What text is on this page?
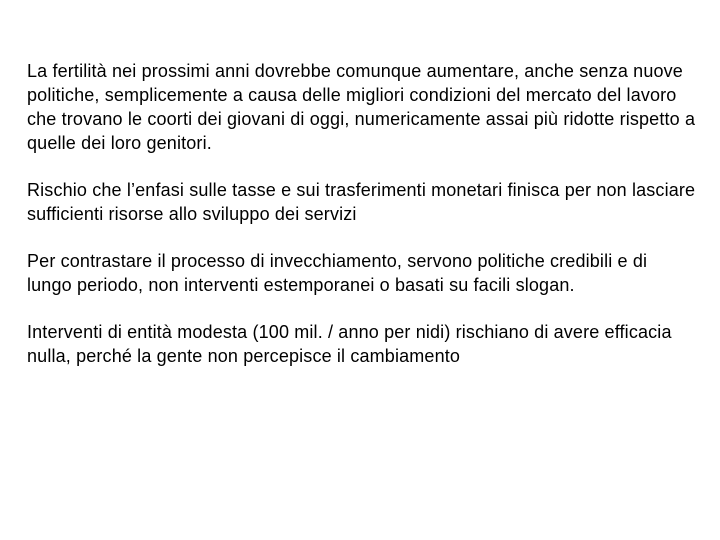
La fertilità nei prossimi anni dovrebbe comunque aumentare, anche senza nuove politiche, semplicemente a causa delle migliori condizioni del mercato del lavoro che trovano le coorti dei giovani di oggi, numericamente assai più ridotte rispetto a quelle dei loro genitori.

Rischio che l’enfasi sulle tasse e sui trasferimenti monetari finisca per non lasciare sufficienti risorse allo sviluppo dei servizi

Per contrastare il processo di invecchiamento, servono politiche credibili e di lungo periodo, non interventi estemporanei o basati su facili slogan.

Interventi di entità modesta (100 mil. / anno per nidi) rischiano di avere efficacia nulla, perché la gente non percepisce il cambiamento
